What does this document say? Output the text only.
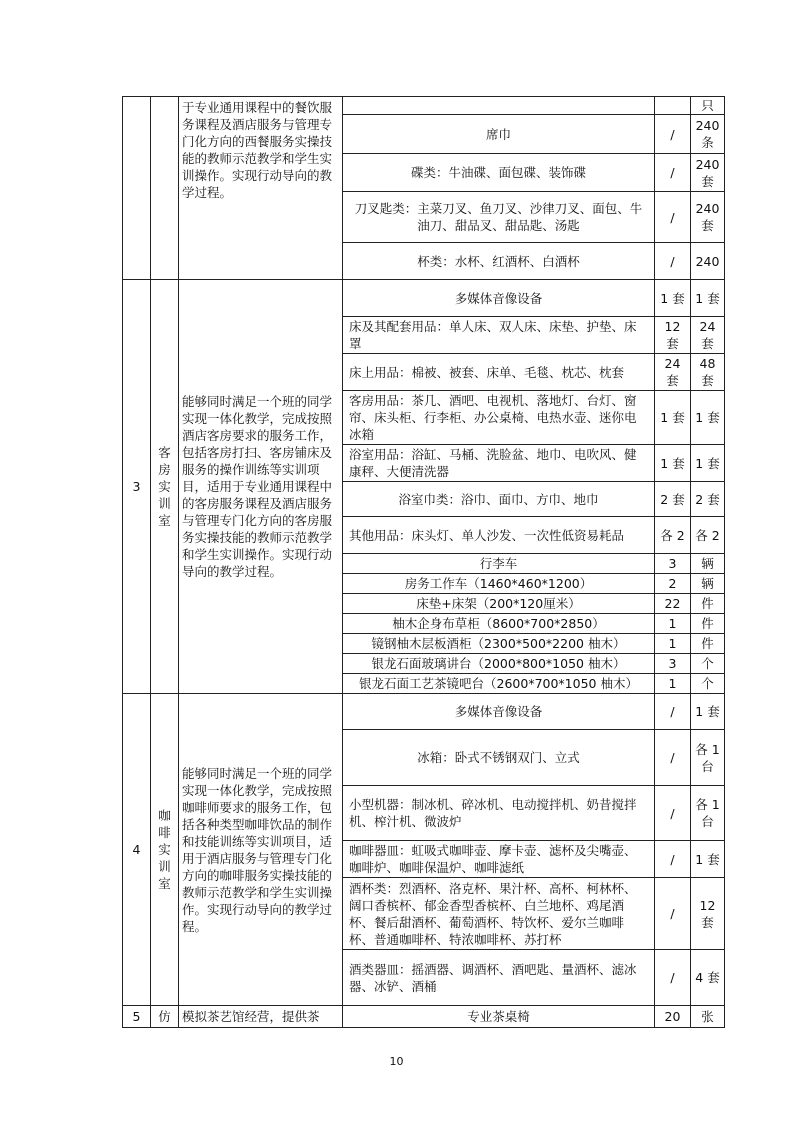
		于专业通用课程中的餐饮服务课程及酒店服务与管理专门化方向的西餐服务实操技能的教师示范教学和学生实训操作。实现行动导向的教学过程。			只
			席巾	/	240 条
			碟类：牛油碟、面包碟、装饰碟	/	240 套
			刀叉匙类：主菜刀叉、鱼刀叉、沙律刀叉、面包、牛油刀、甜品叉、甜品匙、汤匙	/	240 套
			杯类：水杯、红酒杯、白酒杯	/	240
3	客房实训室	能够同时满足一个班的同学实现一体化教学，完成按照酒店客房要求的服务工作，包括客房打扫、客房铺床及服务的操作训练等实训项目，适用于专业通用课程中的客房服务课程及酒店服务与管理专门化方向的客房服务实操技能的教师示范教学和学生实训操作。实现行动导向的教学过程。	多媒体音像设备	1 套	1 套
			床及其配套用品：单人床、双人床、床垫、护垫、床罩	12 套	24 套
			床上用品：棉被、被套、床单、毛毯、枕芯、枕套	24 套	48 套
			客房用品：茶几、酒吧、电视机、落地灯、台灯、窗帘、床头柜、行李柜、办公桌椅、电热水壶、迷你电冰箱	1 套	1 套
			浴室用品：浴缸、马桶、洗脸盆、地巾、电吹风、健康秤、大便清洗器	1 套	1 套
			浴室巾类：浴巾、面巾、方巾、地巾	2 套	2 套
			其他用品：床头灯、单人沙发、一次性低资易耗品	各 2	各 2
			行李车	3	辆
			房务工作车（1460*460*1200）	2	辆
			床垫+床架（200*120厘米）	22	件
			柚木企身布草柜（8600*700*2850）	1	件
			镜钢柚木层板酒柜（2300*500*2200 柚木）	1	件
			银龙石面玻璃讲台（2000*800*1050 柚木）	3	个
			银龙石面工艺茶镜吧台（2600*700*1050 柚木）	1	个
4	咖啡实训室	能够同时满足一个班的同学实现一体化教学，完成按照咖啡师要求的服务工作，包括各种类型咖啡饮品的制作和技能训练等实训项目，适用于酒店服务与管理专门化方向的咖啡服务实操技能的教师示范教学和学生实训操作。实现行动导向的教学过程。	多媒体音像设备	/	1 套
			冰箱：卧式不锈钢双门、立式	/	各 1 台
			小型机器：制冰机、碎冰机、电动搅拌机、奶昔搅拌机、榨汁机、微波炉	/	各 1 台
			咖啡器皿：虹吸式咖啡壶、摩卡壶、滤杯及尖嘴壶、咖啡炉、咖啡保温炉、咖啡滤纸	/	1 套
			酒杯类：烈酒杯、洛克杯、果汁杯、高杯、柯林杯、阔口香槟杯、郁金香型香槟杯、白兰地杯、鸡尾酒杯、餐后甜酒杯、葡萄酒杯、特饮杯、爱尔兰咖啡杯、普通咖啡杯、特浓咖啡杯、苏打杯	/	12 套
			酒类器皿：摇酒器、调酒杯、酒吧匙、量酒杯、滤冰器、冰铲、酒桶	/	4 套
5	仿	模拟茶艺馆经营，提供茶	专业茶桌椅	20	张
10
